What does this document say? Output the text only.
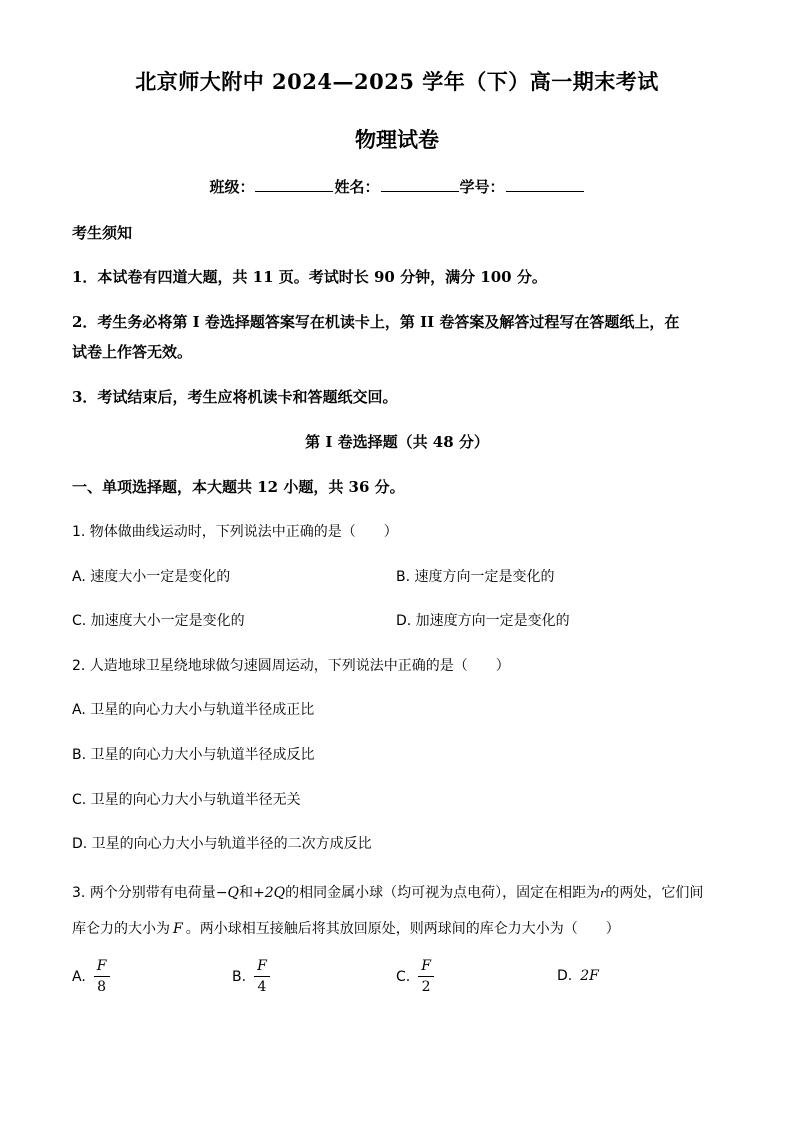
北京师大附中 2024—2025 学年（下）高一期末考试
物理试卷
班级：	姓名：	学号：
考生须知
1．本试卷有四道大题，共 11 页。考试时长 90 分钟，满分 100 分。
2．考生务必将第 I 卷选择题答案写在机读卡上，第 II 卷答案及解答过程写在答题纸上，在
试卷上作答无效。
3．考试结束后，考生应将机读卡和答题纸交回。
第 I 卷选择题（共 48 分）
一、单项选择题，本大题共 12 小题，共 36 分。
1. 物体做曲线运动时，下列说法中正确的是（　　）
A. 速度大小一定是变化的	B. 速度方向一定是变化的
C. 加速度大小一定是变化的	D. 加速度方向一定是变化的
2. 人造地球卫星绕地球做匀速圆周运动，下列说法中正确的是（　　）
A. 卫星的向心力大小与轨道半径成正比
B. 卫星的向心力大小与轨道半径成反比
C. 卫星的向心力大小与轨道半径无关
D. 卫星的向心力大小与轨道半径的二次方成反比
3. 两个分别带有电荷量−Q和+2Q的相同金属小球（均可视为点电荷），固定在相距为r的两处，它们间
库仑力的大小为 F 。两小球相互接触后将其放回原处，则两球间的库仑力大小为（　　）
A. $\frac{F}{8}$	B. $\frac{F}{4}$	C. $\frac{F}{2}$	D. 2F
